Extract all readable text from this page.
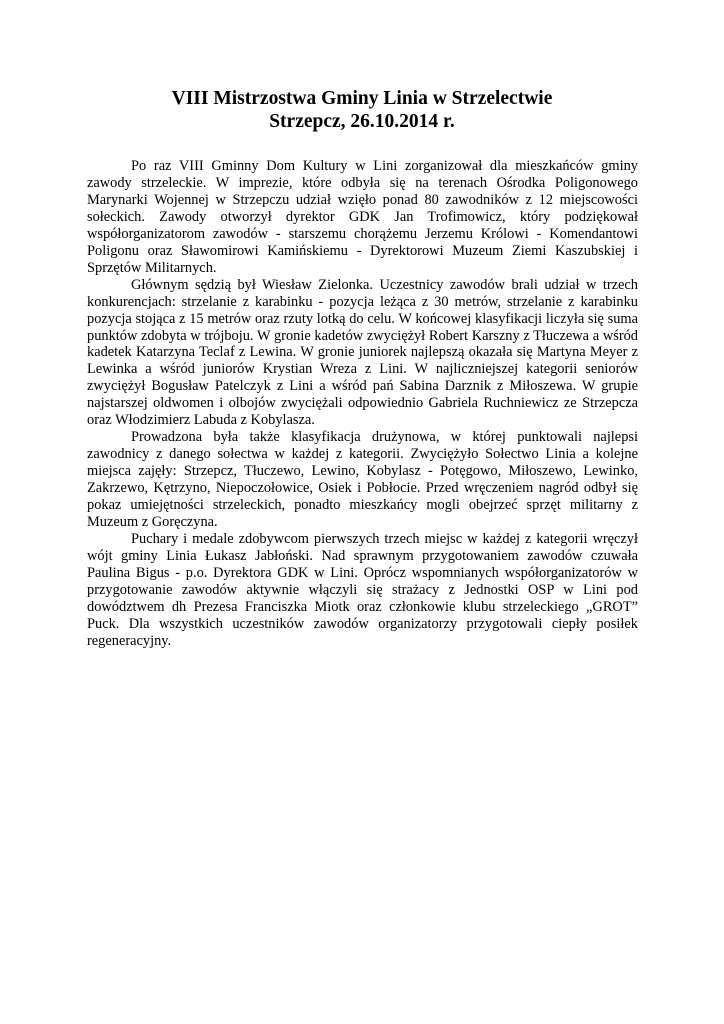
VIII Mistrzostwa Gminy Linia w Strzelectwie
Strzepcz, 26.10.2014 r.

Po raz VIII Gminny Dom Kultury w Lini zorganizował dla mieszkańców gminy zawody strzeleckie. W imprezie, które odbyła się na terenach Ośrodka Poligonowego Marynarki Wojennej w Strzepczu udział wzięło ponad 80 zawodników z 12 miejscowości sołeckich. Zawody otworzył dyrektor GDK Jan Trofimowicz, który podziękował współorganizatorom zawodów - starszemu chorążemu Jerzemu Królowi - Komendantowi Poligonu oraz Sławomirowi Kamińskiemu - Dyrektorowi Muzeum Ziemi Kaszubskiej i Sprzętów Militarnych.

Głównym sędzią był Wiesław Zielonka. Uczestnicy zawodów brali udział w trzech konkurencjach: strzelanie z karabinku - pozycja leżąca z 30 metrów, strzelanie z karabinku pozycja stojąca z 15 metrów oraz rzuty lotką do celu. W końcowej klasyfikacji liczyła się suma punktów zdobyta w trójboju. W gronie kadetów zwyciężył Robert Karszny z Tłuczewa a wśród kadetek Katarzyna Teclaf z Lewina. W gronie juniorek najlepszą okazała się Martyna Meyer z Lewinka a wśród juniorów Krystian Wreza z Lini. W najliczniejszej kategorii seniorów zwyciężył Bogusław Patelczyk z Lini a wśród pań Sabina Darznik z Miłoszewa. W grupie najstarszej oldwomen i olbojów zwyciężali odpowiednio Gabriela Ruchniewicz ze Strzepcza oraz Włodzimierz Labuda z Kobylasza.

Prowadzona była także klasyfikacja drużynowa, w której punktowali najlepsi zawodnicy z danego sołectwa w każdej z kategorii. Zwyciężyło Sołectwo Linia a kolejne miejsca zajęły: Strzepcz, Tłuczewo, Lewino, Kobylasz - Potęgowo, Miłoszewo, Lewinko, Zakrzewo, Kętrzyno, Niepoczołowice, Osiek i Pobłocie. Przed wręczeniem nagród odbył się pokaz umiejętności strzeleckich, ponadto mieszkańcy mogli obejrzeć sprzęt militarny z Muzeum z Goręczyna.

Puchary i medale zdobywcom pierwszych trzech miejsc w każdej z kategorii wręczył wójt gminy Linia Łukasz Jabłoński. Nad sprawnym przygotowaniem zawodów czuwała Paulina Bigus - p.o. Dyrektora GDK w Lini. Oprócz wspomnianych współorganizatorów w przygotowanie zawodów aktywnie włączyli się strażacy z Jednostki OSP w Lini pod dowództwem dh Prezesa Franciszka Miotk oraz członkowie klubu strzeleckiego „GROT” Puck. Dla wszystkich uczestników zawodów organizatorzy przygotowali ciepły posiłek regeneracyjny.
